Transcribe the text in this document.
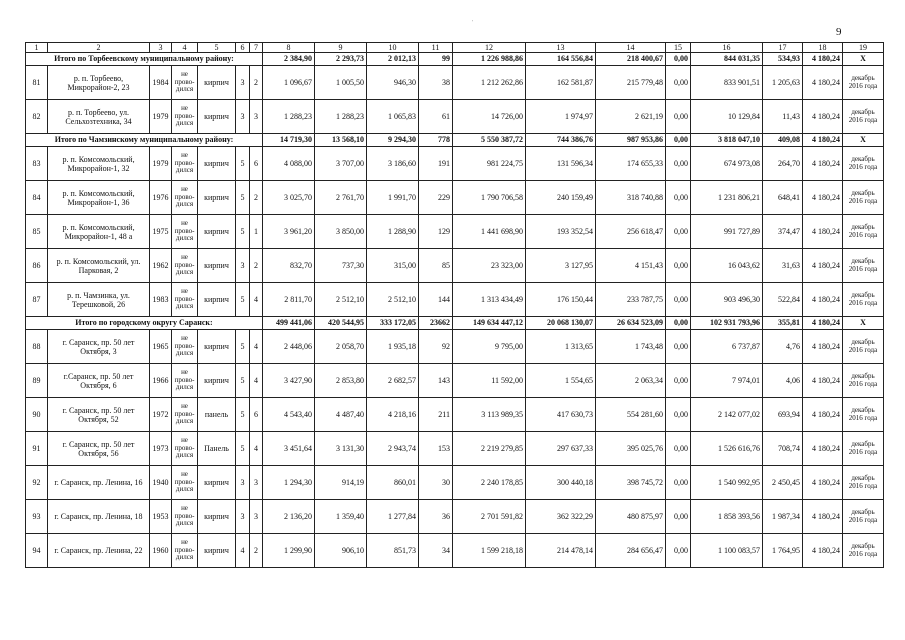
9
'
1	2	3	4	5	6	7	8	9	10	11	12	13	14	15	16	17	18	19
Итого по Торбеевскому муниципальному району:							2 384,90	2 293,73	2 012,13	99	1 226 988,86	164 556,84	218 400,67	0,00	844 031,35	534,93	4 180,24	X
81	р. п. Торбеево, Микрорайон-2, 23	1984	не прово-дился	кирпич	3	2	1 096,67	1 005,50	946,30	38	1 212 262,86	162 581,87	215 779,48	0,00	833 901,51	1 205,63	4 180,24	декабрь 2016 года
82	р. п. Торбеево, ул. Сельхозтехника, 34	1979	не прово-дился	кирпич	3	3	1 288,23	1 288,23	1 065,83	61	14 726,00	1 974,97	2 621,19	0,00	10 129,84	11,43	4 180,24	декабрь 2016 года
Итого по Чамзинскому муниципальному району:							14 719,30	13 568,10	9 294,30	778	5 550 387,72	744 386,76	987 953,86	0,00	3 818 047,10	409,08	4 180,24	X
83	р. п. Комсомольский, Микрорайон-1, 32	1979	не прово-дился	кирпич	5	6	4 088,00	3 707,00	3 186,60	191	981 224,75	131 596,34	174 655,33	0,00	674 973,08	264,70	4 180,24	декабрь 2016 года
84	р. п. Комсомольский, Микрорайон-1, 36	1976	не прово-дился	кирпич	5	2	3 025,70	2 761,70	1 991,70	229	1 790 706,58	240 159,49	318 740,88	0,00	1 231 806,21	648,41	4 180,24	декабрь 2016 года
85	р. п. Комсомольский, Микрорайон-1, 48 а	1975	не прово-дился	кирпич	5	1	3 961,20	3 850,00	1 288,90	129	1 441 698,90	193 352,54	256 618,47	0,00	991 727,89	374,47	4 180,24	декабрь 2016 года
86	р. п. Комсомольский, ул. Парковая, 2	1962	не прово-дился	кирпич	3	2	832,70	737,30	315,00	85	23 323,00	3 127,95	4 151,43	0,00	16 043,62	31,63	4 180,24	декабрь 2016 года
87	р. п. Чамзинка, ул. Терешковой, 26	1983	не прово-дился	кирпич	5	4	2 811,70	2 512,10	2 512,10	144	1 313 434,49	176 150,44	233 787,75	0,00	903 496,30	522,84	4 180,24	декабрь 2016 года
Итого по городскому округу Саранск:							499 441,06	420 544,95	333 172,05	23662	149 634 447,12	20 068 130,07	26 634 523,09	0,00	102 931 793,96	355,81	4 180,24	X
88	г. Саранск, пр. 50 лет Октября, 3	1965	не прово-дился	кирпич	5	4	2 448,06	2 058,70	1 935,18	92	9 795,00	1 313,65	1 743,48	0,00	6 737,87	4,76	4 180,24	декабрь 2016 года
89	г.Саранск, пр. 50 лет Октября, 6	1966	не прово-дился	кирпич	5	4	3 427,90	2 853,80	2 682,57	143	11 592,00	1 554,65	2 063,34	0,00	7 974,01	4,06	4 180,24	декабрь 2016 года
90	г. Саранск, пр. 50 лет Октября, 52	1972	не прово-дился	панель	5	6	4 543,40	4 487,40	4 218,16	211	3 113 989,35	417 630,73	554 281,60	0,00	2 142 077,02	693,94	4 180,24	декабрь 2016 года
91	г. Саранск, пр. 50 лет Октября, 56	1973	не прово-дился	Панель	5	4	3 451,64	3 131,30	2 943,74	153	2 219 279,85	297 637,33	395 025,76	0,00	1 526 616,76	708,74	4 180,24	декабрь 2016 года
92	г. Саранск, пр. Ленина, 16	1940	не прово-дился	кирпич	3	3	1 294,30	914,19	860,01	30	2 240 178,85	300 440,18	398 745,72	0,00	1 540 992,95	2 450,45	4 180,24	декабрь 2016 года
93	г. Саранск, пр. Ленина, 18	1953	не прово-дился	кирпич	3	3	2 136,20	1 359,40	1 277,84	36	2 701 591,82	362 322,29	480 875,97	0,00	1 858 393,56	1 987,34	4 180,24	декабрь 2016 года
94	г. Саранск, пр. Ленина, 22	1960	не прово-дился	кирпич	4	2	1 299,90	906,10	851,73	34	1 599 218,18	214 478,14	284 656,47	0,00	1 100 083,57	1 764,95	4 180,24	декабрь 2016 года
